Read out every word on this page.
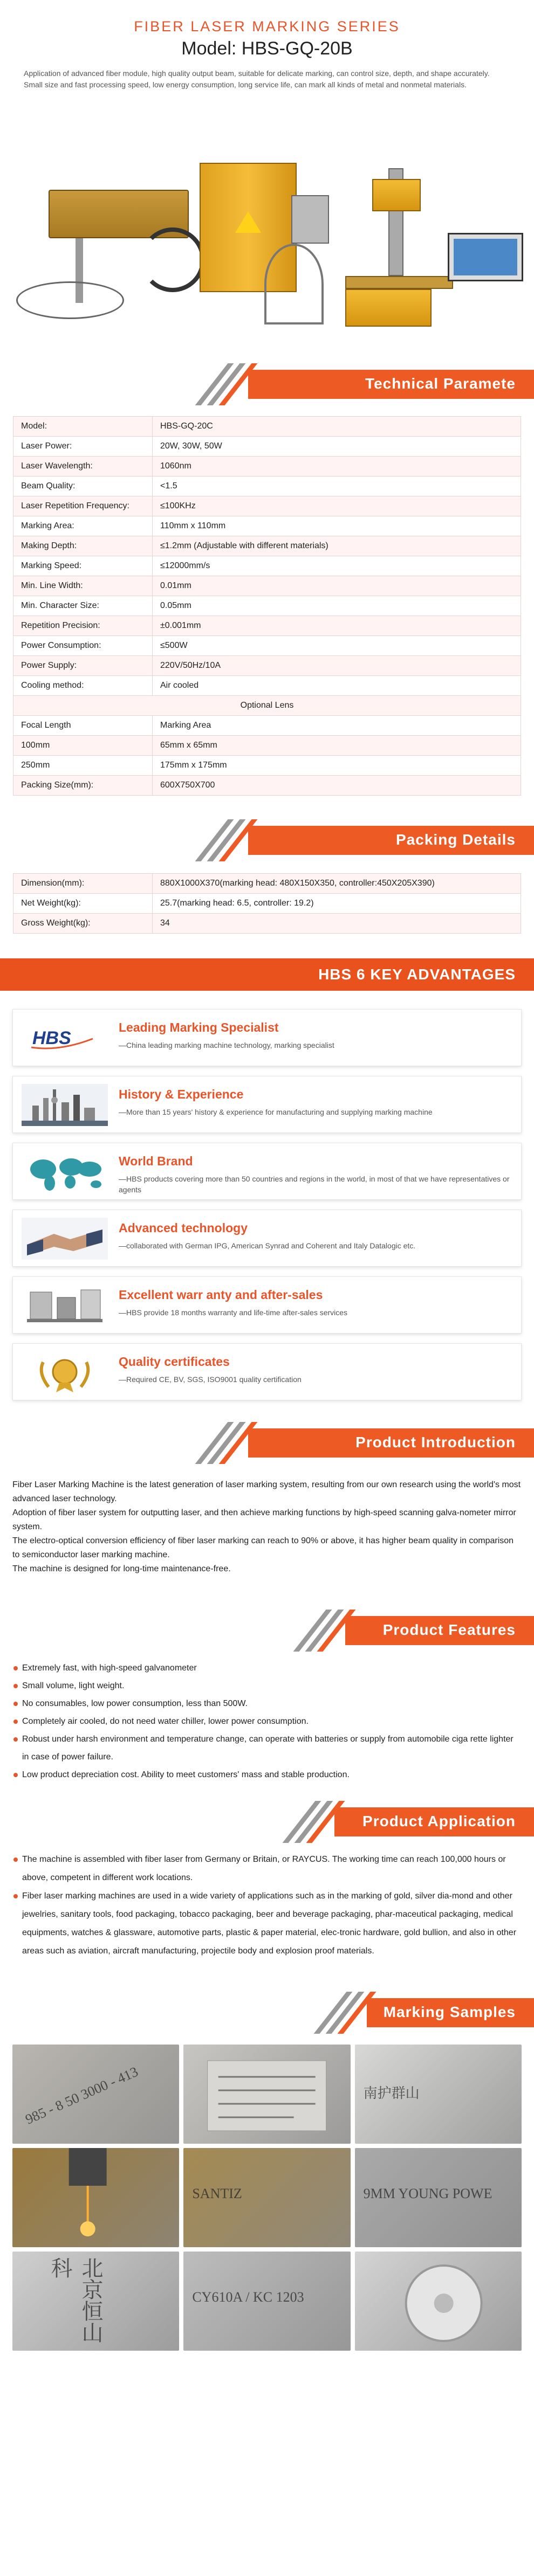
FIBER LASER MARKING SERIES
Model: HBS-GQ-20B
Application of advanced fiber module, high quality output beam, suitable for delicate marking, can control size, depth, and shape accurately. Small size and fast processing speed, low energy consumption, long service life, can mark all kinds of metal and nonmetal materials.
Technical Paramete
Model:	HBS-GQ-20C
Laser Power:	20W, 30W, 50W
Laser Wavelength:	1060nm
Beam Quality:	<1.5
Laser Repetition Frequency:	≤100KHz
Marking Area:	110mm x 110mm
Making Depth:	≤1.2mm (Adjustable with different materials)
Marking Speed:	≤12000mm/s
Min. Line Width:	0.01mm
Min. Character Size:	0.05mm
Repetition Precision:	±0.001mm
Power Consumption:	≤500W
Power Supply:	220V/50Hz/10A
Cooling method:	Air cooled
Optional Lens	
Focal Length	Marking Area
100mm	65mm x 65mm
250mm	175mm x 175mm
Packing Size(mm):	600X750X700
Packing Details
Dimension(mm):	880X1000X370(marking head: 480X150X350, controller:450X205X390)
Net Weight(kg):	25.7(marking head: 6.5, controller: 19.2)
Gross Weight(kg):	34
HBS 6 KEY ADVANTAGES
HBS
Leading Marking Specialist
—China leading marking machine technology, marking specialist
History & Experience
—More than 15 years' history & experience for manufacturing and supplying marking machine
World Brand
—HBS products covering more than 50 countries and regions in the world, in most of that we have representatives or agents
Advanced technology
—collaborated with German IPG, American Synrad and Coherent and Italy Datalogic etc.
Excellent warr anty and after-sales
—HBS provide 18 months warranty and life-time after-sales services
Quality certificates
—Required CE, BV, SGS, ISO9001 quality certification
Product Introduction

Fiber Laser Marking Machine is the latest generation of laser marking system, resulting from our own research using the world's most advanced laser technology.

Adoption of fiber laser system for outputting laser, and then achieve marking functions by high-speed scanning galva-nometer mirror system.

The electro-optical conversion efficiency of fiber laser marking can reach to 90% or above, it has higher beam quality in comparison to semiconductor laser marking machine.

The machine is designed for long-time maintenance-free.

Product Features
Extremely fast, with high-speed galvanometer
Small volume, light weight.
No consumables, low power consumption, less than 500W.
Completely air cooled, do not need water chiller, lower power consumption.
Robust under harsh environment and temperature change, can operate with batteries or supply from automobile ciga rette lighter in case of power failure.
Low product depreciation cost. Ability to meet customers' mass and stable production.
Product Application
The machine is assembled with fiber laser from Germany or Britain, or RAYCUS. The working time can reach 100,000 hours or above, competent in different work locations.
Fiber laser marking machines are used in a wide variety of applications such as in the marking of gold, silver dia-mond and other jewelries, sanitary tools, food packaging, tobacco packaging, beer and beverage packaging, phar-maceutical packaging, medical equipments, watches & glassware, automotive parts, plastic & paper material, elec-tronic hardware, gold bullion, and also in other areas such as aviation, aircraft manufacturing, projectile body and explosion proof materials.
Marking Samples
985 - 8 50 3000 - 413	南护群山
SANTIZ	9MM YOUNG POWE
北京恒山科
CY610A / KC 1203
